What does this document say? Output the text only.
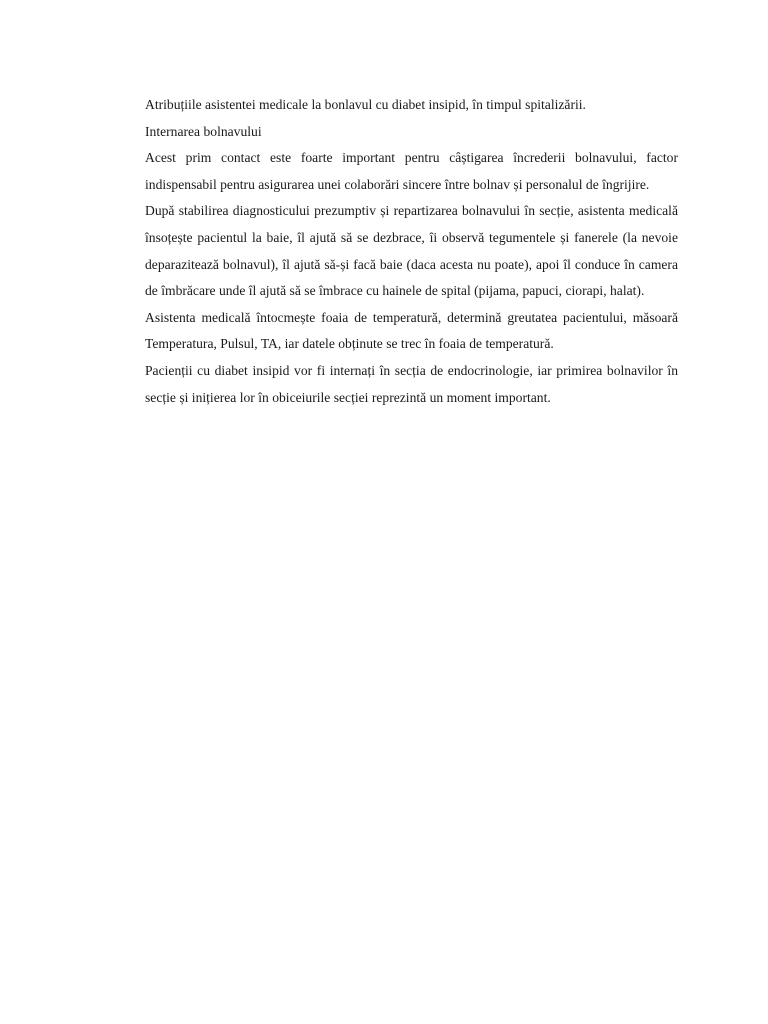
Atribuțiile asistentei medicale la bonlavul cu diabet insipid, în timpul spitalizării.

Internarea bolnavului

Acest prim contact este foarte important pentru câștigarea încrederii bolnavului, factor indispensabil pentru asigurarea unei colaborări sincere între bolnav și personalul de îngrijire.

După stabilirea diagnosticului prezumptiv și repartizarea bolnavului în secție, asistenta medicală însoțește pacientul la baie, îl ajută să se dezbrace, îi observă tegumentele și fanerele (la nevoie deparazitează bolnavul), îl ajută să-și facă baie (daca acesta nu poate), apoi îl conduce în camera de îmbrăcare unde îl ajută să se îmbrace cu hainele de spital (pijama, papuci, ciorapi, halat).

Asistenta medicală întocmește foaia de temperatură, determină greutatea pacientului, măsoară Temperatura, Pulsul, TA, iar datele obținute se trec în foaia de temperatură.

Pacienții cu diabet insipid vor fi internați în secția de endocrinologie, iar primirea bolnavilor în secție și inițierea lor în obiceiurile secției reprezintă un moment important.
